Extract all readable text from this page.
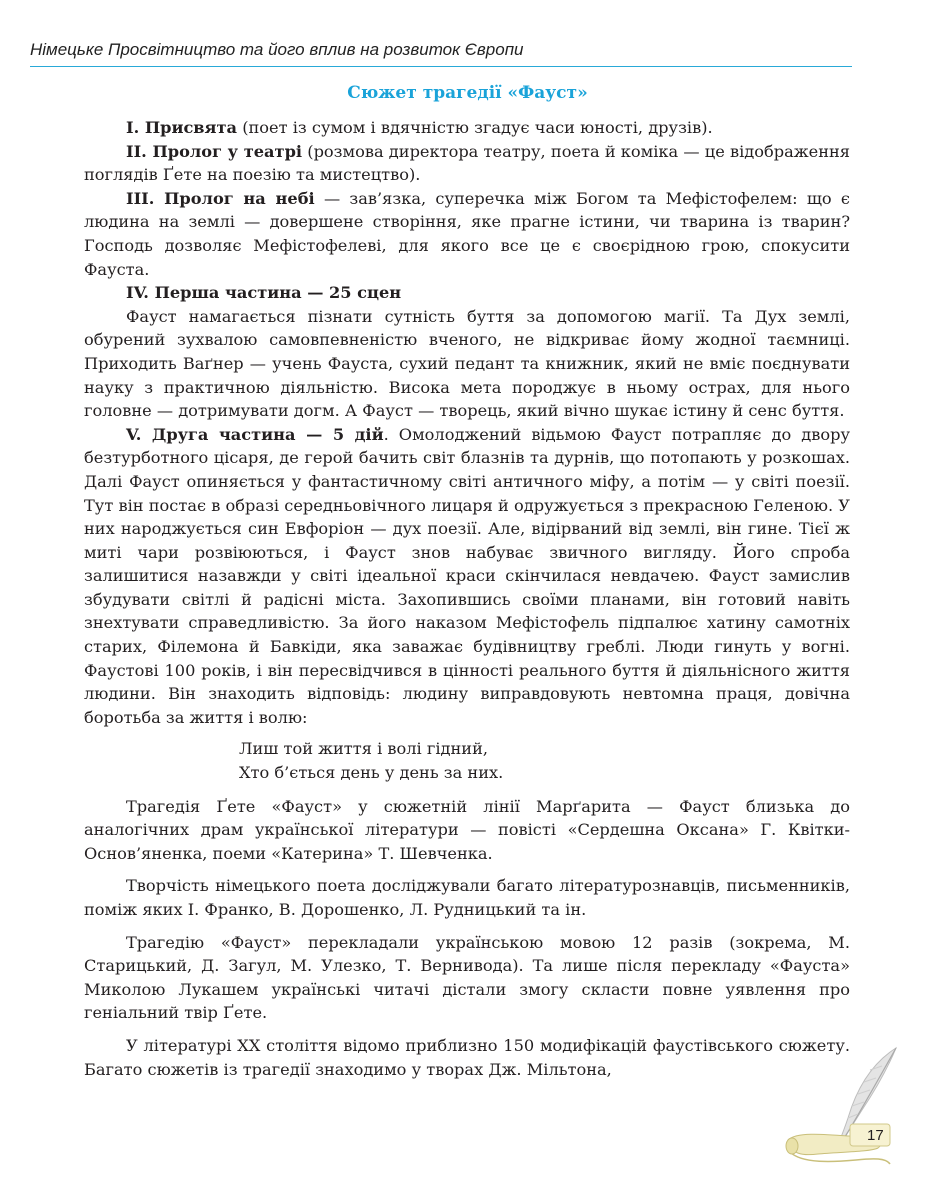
Німецьке Просвітництво та його вплив на розвиток Європи
Сюжет трагедії «Фауст»

І. Присвята (поет із сумом і вдячністю згадує часи юності, друзів).

ІІ. Пролог у театрі (розмова директора театру, поета й коміка — це відображення поглядів Ґете на поезію та мистецтво).

ІІІ. Пролог на небі — зав’язка, суперечка між Богом та Мефістофелем: що є людина на землі — довершене створіння, яке прагне істини, чи тварина із тварин? Господь дозволяє Мефістофелеві, для якого все це є своєрідною грою, спокусити Фауста.

IV. Перша частина — 25 сцен

Фауст намагається пізнати сутність буття за допомогою магії. Та Дух землі, обурений зухвалою самовпевненістю вченого, не відкриває йому жодної таємниці. Приходить Ваґнер — учень Фауста, сухий педант та книжник, який не вміє поєднувати науку з практичною діяльністю. Висока мета породжує в ньому острах, для нього головне — дотримувати догм. А Фауст — творець, який вічно шукає істину й сенс буття.

V. Друга частина — 5 дій. Омолоджений відьмою Фауст потрапляє до двору безтурботного цісаря, де герой бачить світ блазнів та дурнів, що потопають у розкошах. Далі Фауст опиняється у фантастичному світі античного міфу, а потім — у світі поезії. Тут він постає в образі середньовічного лицаря й одружується з прекрасною Геленою. У них народжується син Евфоріон — дух поезії. Але, відірваний від землі, він гине. Тієї ж миті чари розвіюються, і Фауст знов набуває звичного вигляду. Його спроба залишитися назавжди у світі ідеальної краси скінчилася невдачею. Фауст замислив збудувати світлі й радісні міста. Захопившись своїми планами, він готовий навіть знехтувати справедливістю. За його наказом Мефістофель підпалює хатину самотніх старих, Філемона й Бавкіди, яка заважає будівництву греблі. Люди гинуть у вогні. Фаустові 100 років, і він пересвідчився в цінності реального буття й діяльнісного життя людини. Він знаходить відповідь: людину виправдовують невтомна праця, довічна боротьба за життя і волю:

Лиш той життя і волі гідний,
Хто б’ється день у день за них.

Трагедія Ґете «Фауст» у сюжетній лінії Марґарита — Фауст близька до аналогічних драм української літератури — повісті «Сердешна Оксана» Г. Квітки-Основ’яненка, поеми «Катерина» Т. Шевченка.

Творчість німецького поета досліджували багато літературознавців, письменників, поміж яких І. Франко, В. Дорошенко, Л. Рудницький та ін.

Трагедію «Фауст» перекладали українською мовою 12 разів (зокрема, М. Старицький, Д. Загул, М. Улезко, Т. Вернивода). Та лише після перекладу «Фауста» Миколою Лукашем українські читачі дістали змогу скласти повне уявлення про геніальний твір Ґете.

У літературі XX століття відомо приблизно 150 модифікацій фаустівського сюжету. Багато сюжетів із трагедії знаходимо у творах Дж. Мільтона,

17
